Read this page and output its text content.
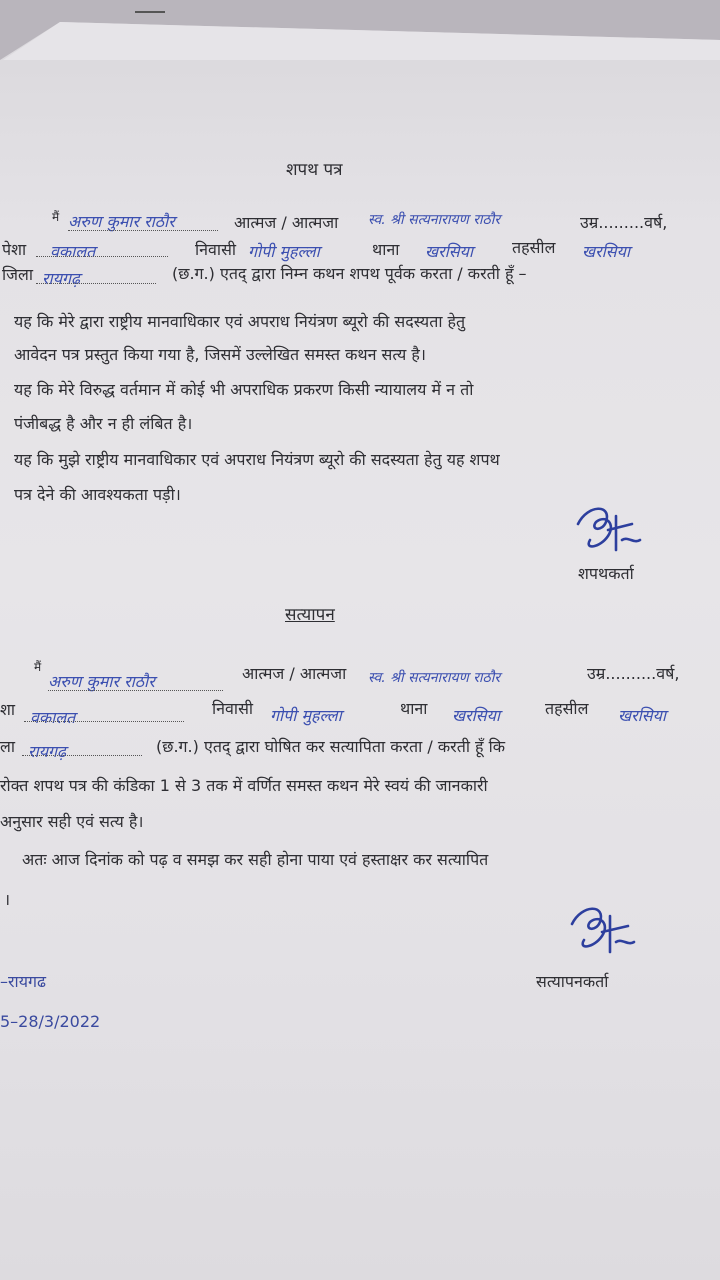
शपथ पत्र
मैं अरुण कुमार राठौर	आत्मज / आत्मजा स्व. श्री सत्यनारायण राठौर	उम्र.........वर्ष,
पेशा वकालत	निवासी गोपी मुहल्ला	थाना खरसिया तहसील खरसिया
जिला रायगढ़	(छ.ग.) एतद् द्वारा निम्न कथन शपथ पूर्वक करता / करती हूँ –
यह कि मेरे द्वारा राष्ट्रीय मानवाधिकार एवं अपराध नियंत्रण ब्यूरो की सदस्यता हेतु
आवेदन पत्र प्रस्तुत किया गया है, जिसमें उल्लेखित समस्त कथन सत्य है।
यह कि मेरे विरुद्ध वर्तमान में कोई भी अपराधिक प्रकरण किसी न्यायालय में न तो
पंजीबद्ध है और न ही लंबित है।
यह कि मुझे राष्ट्रीय मानवाधिकार एवं अपराध नियंत्रण ब्यूरो की सदस्यता हेतु यह शपथ
पत्र देने की आवश्यकता पड़ी।
शपथकर्ता
सत्यापन
मैं
अरुण कुमार राठौर	आत्मज / आत्मजा स्व. श्री सत्यनारायण राठौर	उम्र..........वर्ष,
शा वकालत	निवासी गोपी मुहल्ला	थाना खरसिया	तहसील खरसिया
ला रायगढ़	(छ.ग.) एतद् द्वारा घोषित कर सत्यापिता करता / करती हूँ कि
रोक्त शपथ पत्र की कंडिका 1 से 3 तक में वर्णित समस्त कथन मेरे स्वयं की जानकारी
अनुसार सही एवं सत्य है।
अतः आज दिनांक को पढ़ व समझ कर सही होना पाया एवं हस्ताक्षर कर सत्यापित
।
–रायगढ	सत्यापनकर्ता
5–28/3/2022
